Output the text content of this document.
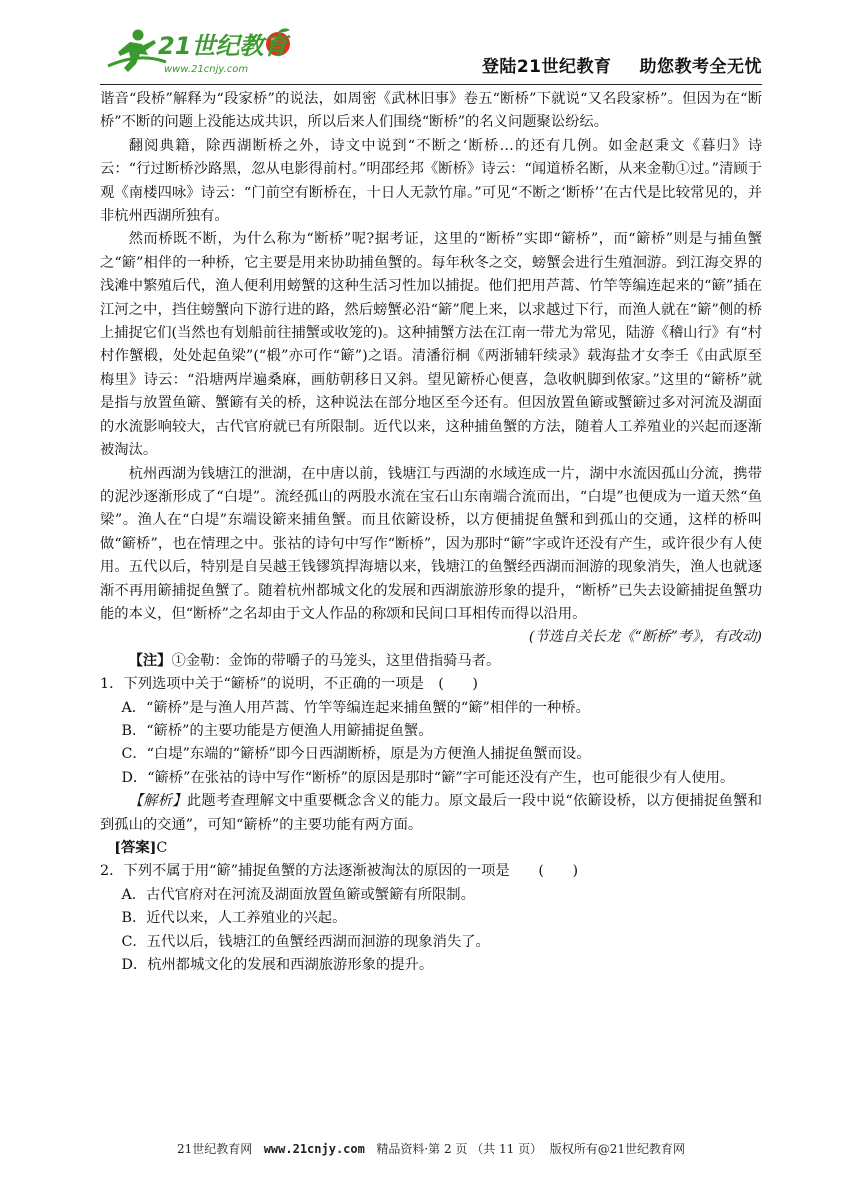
21世纪教育
www.21cnjy.com	登陆21世纪教育 助您教考全无忧

谐音“段桥”解释为“段家桥”的说法，如周密《武林旧事》卷五“断桥”下就说“又名段家桥”。但因为在“断桥”不断的问题上没能达成共识，所以后来人们围绕“断桥”的名义问题聚讼纷纭。

翻阅典籍，除西湖断桥之外，诗文中说到“不断之‘断桥…的还有几例。如金赵秉文《暮归》诗云：“行过断桥沙路黑，忽从电影得前村。”明邵经邦《断桥》诗云：“闻道桥名断，从来金勒①过。”清顾于观《南楼四咏》诗云：“门前空有断桥在，十日人无款竹扉。”可见“不断之‘断桥’’在古代是比较常见的，并非杭州西湖所独有。

然而桥既不断，为什么称为“断桥”呢?据考证，这里的“断桥”实即“簖桥”，而“簖桥”则是与捕鱼蟹之“簖”相伴的一种桥，它主要是用来协助捕鱼蟹的。每年秋冬之交，螃蟹会进行生殖洄游。到江海交界的浅滩中繁殖后代，渔人便利用螃蟹的这种生活习性加以捕捉。他们把用芦蒿、竹竿等编连起来的“簖”插在江河之中，挡住螃蟹向下游行进的路，然后螃蟹必沿“簖”爬上来，以求越过下行，而渔人就在“簖”侧的桥上捕捉它们(当然也有划船前往捕蟹或收笼的)。这种捕蟹方法在江南一带尤为常见，陆游《稽山行》有“村村作蟹椴，处处起鱼梁”(“椴”亦可作“簖”)之语。清潘衍桐《两浙辅轩续录》载海盐才女李壬《由武原至梅里》诗云：“沿塘两岸遍桑麻，画舫朝移日又斜。望见簖桥心便喜，急收帆脚到侬家。”这里的“簖桥”就是指与放置鱼簖、蟹簖有关的桥，这种说法在部分地区至今还有。但因放置鱼簖或蟹簖过多对河流及湖面的水流影响较大，古代官府就已有所限制。近代以来，这种捕鱼蟹的方法，随着人工养殖业的兴起而逐渐被淘汰。

杭州西湖为钱塘江的泄湖，在中唐以前，钱塘江与西湖的水域连成一片，湖中水流因孤山分流，携带的泥沙逐渐形成了“白堤”。流经孤山的两股水流在宝石山东南端合流而出，“白堤”也便成为一道天然“鱼梁”。渔人在“白堤”东端设簖来捕鱼蟹。而且依簖设桥，以方便捕捉鱼蟹和到孤山的交通，这样的桥叫做“簖桥”，也在情理之中。张祜的诗句中写作“断桥”，因为那时“簖”字或许还没有产生，或许很少有人使用。五代以后，特别是自吴越王钱镠筑捍海塘以来，钱塘江的鱼蟹经西湖而洄游的现象消失，渔人也就逐渐不再用簖捕捉鱼蟹了。随着杭州都城文化的发展和西湖旅游形象的提升，“断桥”已失去设簖捕捉鱼蟹功能的本义，但“断桥”之名却由于文人作品的称颂和民间口耳相传而得以沿用。

(节选自关长龙《“断桥”考》，有改动)

【注】①金勒：金饰的带嚼子的马笼头，这里借指骑马者。

1．下列选项中关于“簖桥”的说明，不正确的一项是　(　　)

A．“簖桥”是与渔人用芦蒿、竹竿等编连起来捕鱼蟹的“簖”相伴的一种桥。

B．“簖桥”的主要功能是方便渔人用簖捕捉鱼蟹。

C．“白堤”东端的“簖桥”即今日西湖断桥，原是为方便渔人捕捉鱼蟹而设。

D．“簖桥”在张祜的诗中写作“断桥”的原因是那时“簖”字可能还没有产生，也可能很少有人使用。

【解析】此题考查理解文中重要概念含义的能力。原文最后一段中说“依簖设桥，以方便捕捉鱼蟹和到孤山的交通”，可知“簖桥”的主要功能有两方面。

[答案]C

2．下列不属于用“簖”捕捉鱼蟹的方法逐渐被淘汰的原因的一项是　　(　　)

A．古代官府对在河流及湖面放置鱼簖或蟹簖有所限制。

B．近代以来，人工养殖业的兴起。

C．五代以后，钱塘江的鱼蟹经西湖而洄游的现象消失了。

D．杭州都城文化的发展和西湖旅游形象的提升。

21世纪教育网 www.21cnjy.com 精品资料·第 2 页 （共 11 页） 版权所有@21世纪教育网
